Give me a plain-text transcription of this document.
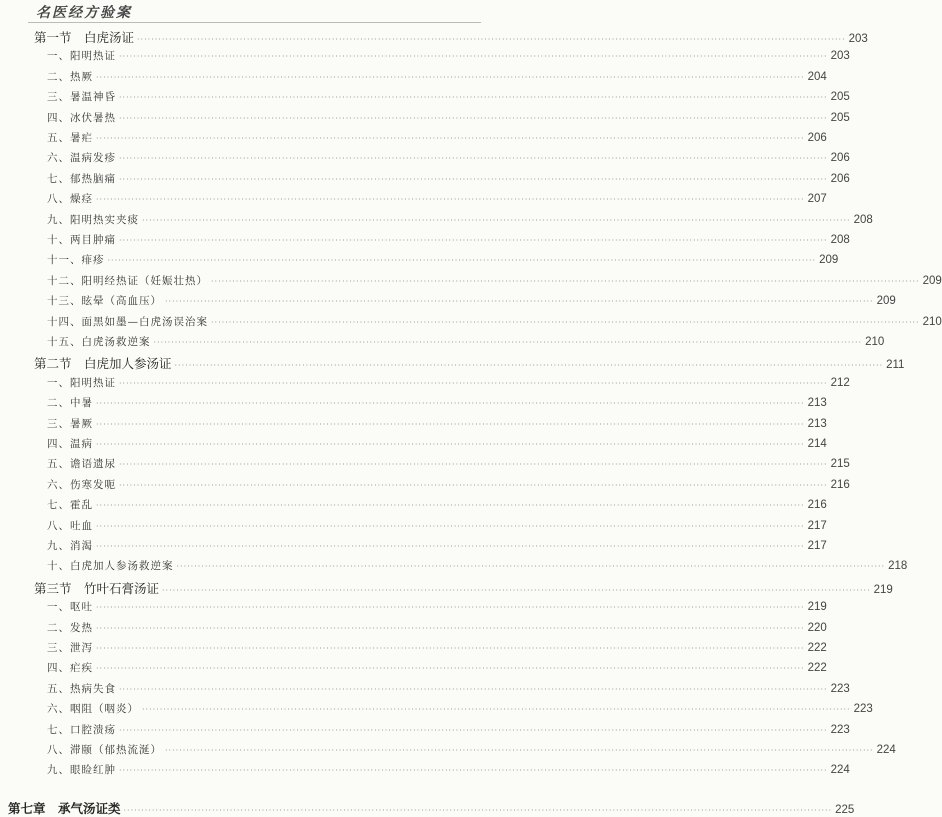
名医经方验案
第一节　白虎汤证 ········································································································································································································ 203
一、阳明热证 ········································································································································································································ 203
二、热厥 ········································································································································································································ 204
三、暑温神昏 ········································································································································································································ 205
四、冰伏暑热 ········································································································································································································ 205
五、暑疟 ········································································································································································································ 206
六、温病发疹 ········································································································································································································ 206
七、郁热脑痛 ········································································································································································································ 206
八、燥痉 ········································································································································································································ 207
九、阳明热实夹痰 ········································································································································································································ 208
十、两目肿痛 ········································································································································································································ 208
十一、痱疹 ········································································································································································································ 209
十二、阳明经热证（妊娠壮热） ········································································································································································································ 209
十三、眩晕（高血压） ········································································································································································································ 209
十四、面黑如墨—白虎汤误治案 ········································································································································································································ 210
十五、白虎汤救逆案 ········································································································································································································ 210
第二节　白虎加人参汤证 ········································································································································································································ 211
一、阳明热证 ········································································································································································································ 212
二、中暑 ········································································································································································································ 213
三、暑厥 ········································································································································································································ 213
四、温病 ········································································································································································································ 214
五、谵语遗尿 ········································································································································································································ 215
六、伤寒发呃 ········································································································································································································ 216
七、霍乱 ········································································································································································································ 216
八、吐血 ········································································································································································································ 217
九、消渴 ········································································································································································································ 217
十、白虎加人参汤救逆案 ········································································································································································································ 218
第三节　竹叶石膏汤证 ········································································································································································································ 219
一、呕吐 ········································································································································································································ 219
二、发热 ········································································································································································································ 220
三、泄泻 ········································································································································································································ 222
四、疟疾 ········································································································································································································ 222
五、热病失食 ········································································································································································································ 223
六、咽阻（咽炎） ········································································································································································································ 223
七、口腔溃疡 ········································································································································································································ 223
八、滞颐（郁热流涎） ········································································································································································································ 224
九、眼睑红肿 ········································································································································································································ 224
第七章　承气汤证类 ········································································································································································································ 225
